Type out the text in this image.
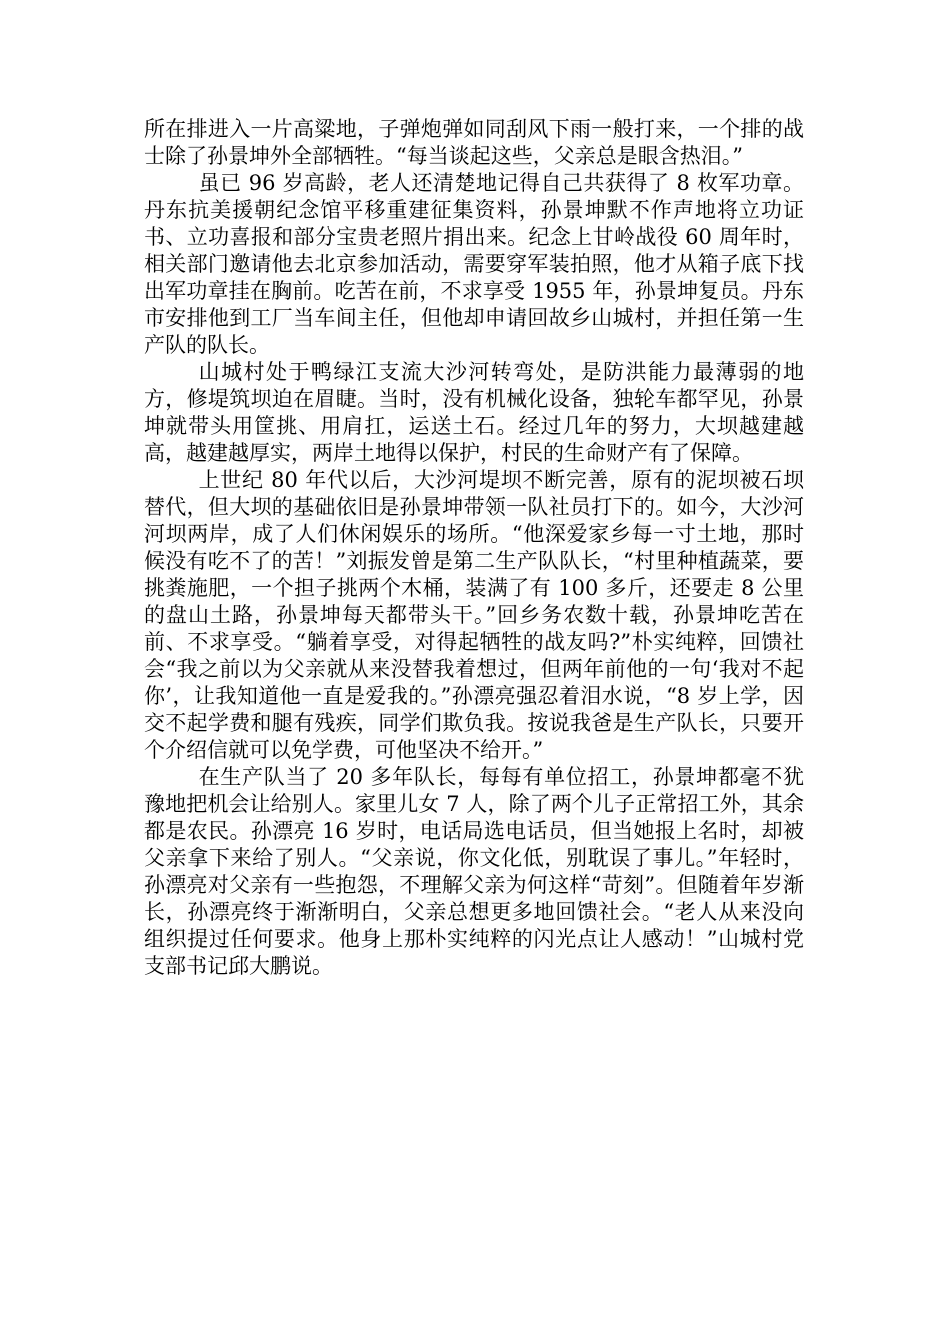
所在排进入一片高粱地，子弹炮弹如同刮风下雨一般打来，一个排的战士除了孙景坤外全部牺牲。“每当谈起这些，父亲总是眼含热泪。”

虽已 96 岁高龄，老人还清楚地记得自己共获得了 8 枚军功章。丹东抗美援朝纪念馆平移重建征集资料，孙景坤默不作声地将立功证书、立功喜报和部分宝贵老照片捐出来。纪念上甘岭战役 60 周年时，相关部门邀请他去北京参加活动，需要穿军装拍照，他才从箱子底下找出军功章挂在胸前。吃苦在前，不求享受 1955 年，孙景坤复员。丹东市安排他到工厂当车间主任，但他却申请回故乡山城村，并担任第一生产队的队长。

山城村处于鸭绿江支流大沙河转弯处，是防洪能力最薄弱的地方，修堤筑坝迫在眉睫。当时，没有机械化设备，独轮车都罕见，孙景坤就带头用筐挑、用肩扛，运送土石。经过几年的努力，大坝越建越高，越建越厚实，两岸土地得以保护，村民的生命财产有了保障。

上世纪 80 年代以后，大沙河堤坝不断完善，原有的泥坝被石坝替代，但大坝的基础依旧是孙景坤带领一队社员打下的。如今，大沙河河坝两岸，成了人们休闲娱乐的场所。“他深爱家乡每一寸土地，那时候没有吃不了的苦！”刘振发曾是第二生产队队长，“村里种植蔬菜，要挑粪施肥，一个担子挑两个木桶，装满了有 100 多斤，还要走 8 公里的盘山土路，孙景坤每天都带头干。”回乡务农数十载，孙景坤吃苦在前、不求享受。“躺着享受，对得起牺牲的战友吗?”朴实纯粹，回馈社会“我之前以为父亲就从来没替我着想过，但两年前他的一句‘我对不起你’，让我知道他一直是爱我的。”孙漂亮强忍着泪水说，“8 岁上学，因交不起学费和腿有残疾，同学们欺负我。按说我爸是生产队长，只要开个介绍信就可以免学费，可他坚决不给开。”

在生产队当了 20 多年队长，每每有单位招工，孙景坤都毫不犹豫地把机会让给别人。家里儿女 7 人，除了两个儿子正常招工外，其余都是农民。孙漂亮 16 岁时，电话局选电话员，但当她报上名时，却被父亲拿下来给了别人。“父亲说，你文化低，别耽误了事儿。”年轻时，孙漂亮对父亲有一些抱怨，不理解父亲为何这样“苛刻”。但随着年岁渐长，孙漂亮终于渐渐明白，父亲总想更多地回馈社会。“老人从来没向组织提过任何要求。他身上那朴实纯粹的闪光点让人感动！”山城村党支部书记邱大鹏说。
